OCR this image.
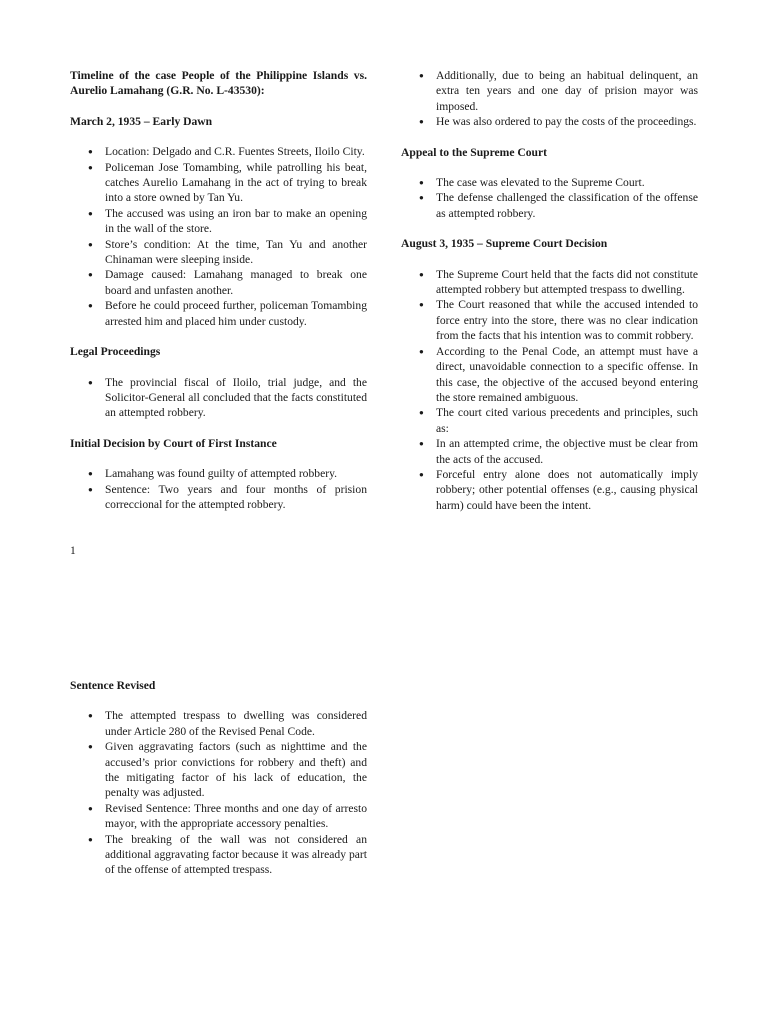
Timeline of the case People of the Philippine Islands vs. Aurelio Lamahang (G.R. No. L-43530):

March 2, 1935 – Early Dawn

● Location: Delgado and C.R. Fuentes Streets, Iloilo City.
● Policeman Jose Tomambing, while patrolling his beat, catches Aurelio Lamahang in the act of trying to break into a store owned by Tan Yu.
● The accused was using an iron bar to make an opening in the wall of the store.
● Store’s condition: At the time, Tan Yu and another Chinaman were sleeping inside.
● Damage caused: Lamahang managed to break one board and unfasten another.
● Before he could proceed further, policeman Tomambing arrested him and placed him under custody.

Legal Proceedings

● The provincial fiscal of Iloilo, trial judge, and the Solicitor-General all concluded that the facts constituted an attempted robbery.

Initial Decision by Court of First Instance

● Lamahang was found guilty of attempted robbery.
● Sentence: Two years and four months of prision correccional for the attempted robbery.
● Additionally, due to being an habitual delinquent, an extra ten years and one day of prision mayor was imposed.
● He was also ordered to pay the costs of the proceedings.

Appeal to the Supreme Court

● The case was elevated to the Supreme Court.
● The defense challenged the classification of the offense as attempted robbery.

August 3, 1935 – Supreme Court Decision

● The Supreme Court held that the facts did not constitute attempted robbery but attempted trespass to dwelling.
● The Court reasoned that while the accused intended to force entry into the store, there was no clear indication from the facts that his intention was to commit robbery.
● According to the Penal Code, an attempt must have a direct, unavoidable connection to a specific offense. In this case, the objective of the accused beyond entering the store remained ambiguous.
● The court cited various precedents and principles, such as:
● In an attempted crime, the objective must be clear from the acts of the accused.
● Forceful entry alone does not automatically imply robbery; other potential offenses (e.g., causing physical harm) could have been the intent.
1

Sentence Revised

● The attempted trespass to dwelling was considered under Article 280 of the Revised Penal Code.
● Given aggravating factors (such as nighttime and the accused’s prior convictions for robbery and theft) and the mitigating factor of his lack of education, the penalty was adjusted.
● Revised Sentence: Three months and one day of arresto mayor, with the appropriate accessory penalties.
● The breaking of the wall was not considered an additional aggravating factor because it was already part of the offense of attempted trespass.
